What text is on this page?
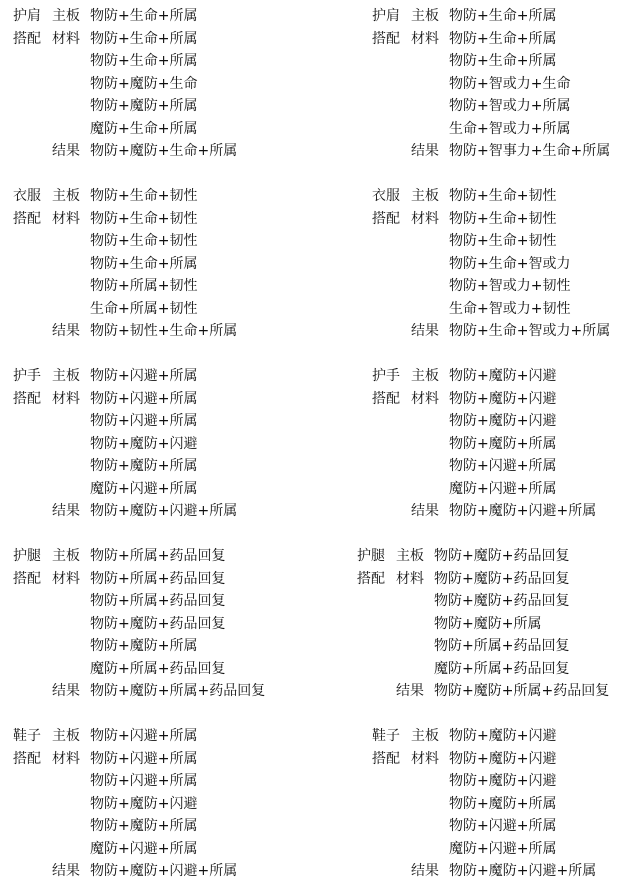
护肩 主板 物防+生命+所属
搭配 材料 物防+生命+所属
物防+生命+所属
物防+魔防+生命
物防+魔防+所属
魔防+生命+所属
结果 物防+魔防+生命+所属
衣服 主板 物防+生命+韧性
搭配 材料 物防+生命+韧性
物防+生命+韧性
物防+生命+所属
物防+所属+韧性
生命+所属+韧性
结果 物防+韧性+生命+所属
护手 主板 物防+闪避+所属
搭配 材料 物防+闪避+所属
物防+闪避+所属
物防+魔防+闪避
物防+魔防+所属
魔防+闪避+所属
结果 物防+魔防+闪避+所属
护腿 主板 物防+所属+药品回复
搭配 材料 物防+所属+药品回复
物防+所属+药品回复
物防+魔防+药品回复
物防+魔防+所属
魔防+所属+药品回复
结果 物防+魔防+所属+药品回复
鞋子 主板 物防+闪避+所属
搭配 材料 物防+闪避+所属
物防+闪避+所属
物防+魔防+闪避
物防+魔防+所属
魔防+闪避+所属
结果 物防+魔防+闪避+所属
护肩 主板 物防+生命+所属
搭配 材料 物防+生命+所属
物防+生命+所属
物防+智或力+生命
物防+智或力+所属
生命+智或力+所属
结果 物防+智事力+生命+所属
衣服 主板 物防+生命+韧性
搭配 材料 物防+生命+韧性
物防+生命+韧性
物防+生命+智或力
物防+智或力+韧性
生命+智或力+韧性
结果 物防+生命+智或力+所属
护手 主板 物防+魔防+闪避
搭配 材料 物防+魔防+闪避
物防+魔防+闪避
物防+魔防+所属
物防+闪避+所属
魔防+闪避+所属
结果 物防+魔防+闪避+所属
护腿 主板 物防+魔防+药品回复
搭配 材料 物防+魔防+药品回复
物防+魔防+药品回复
物防+魔防+所属
物防+所属+药品回复
魔防+所属+药品回复
结果 物防+魔防+所属+药品回复
鞋子 主板 物防+魔防+闪避
搭配 材料 物防+魔防+闪避
物防+魔防+闪避
物防+魔防+所属
物防+闪避+所属
魔防+闪避+所属
结果 物防+魔防+闪避+所属
